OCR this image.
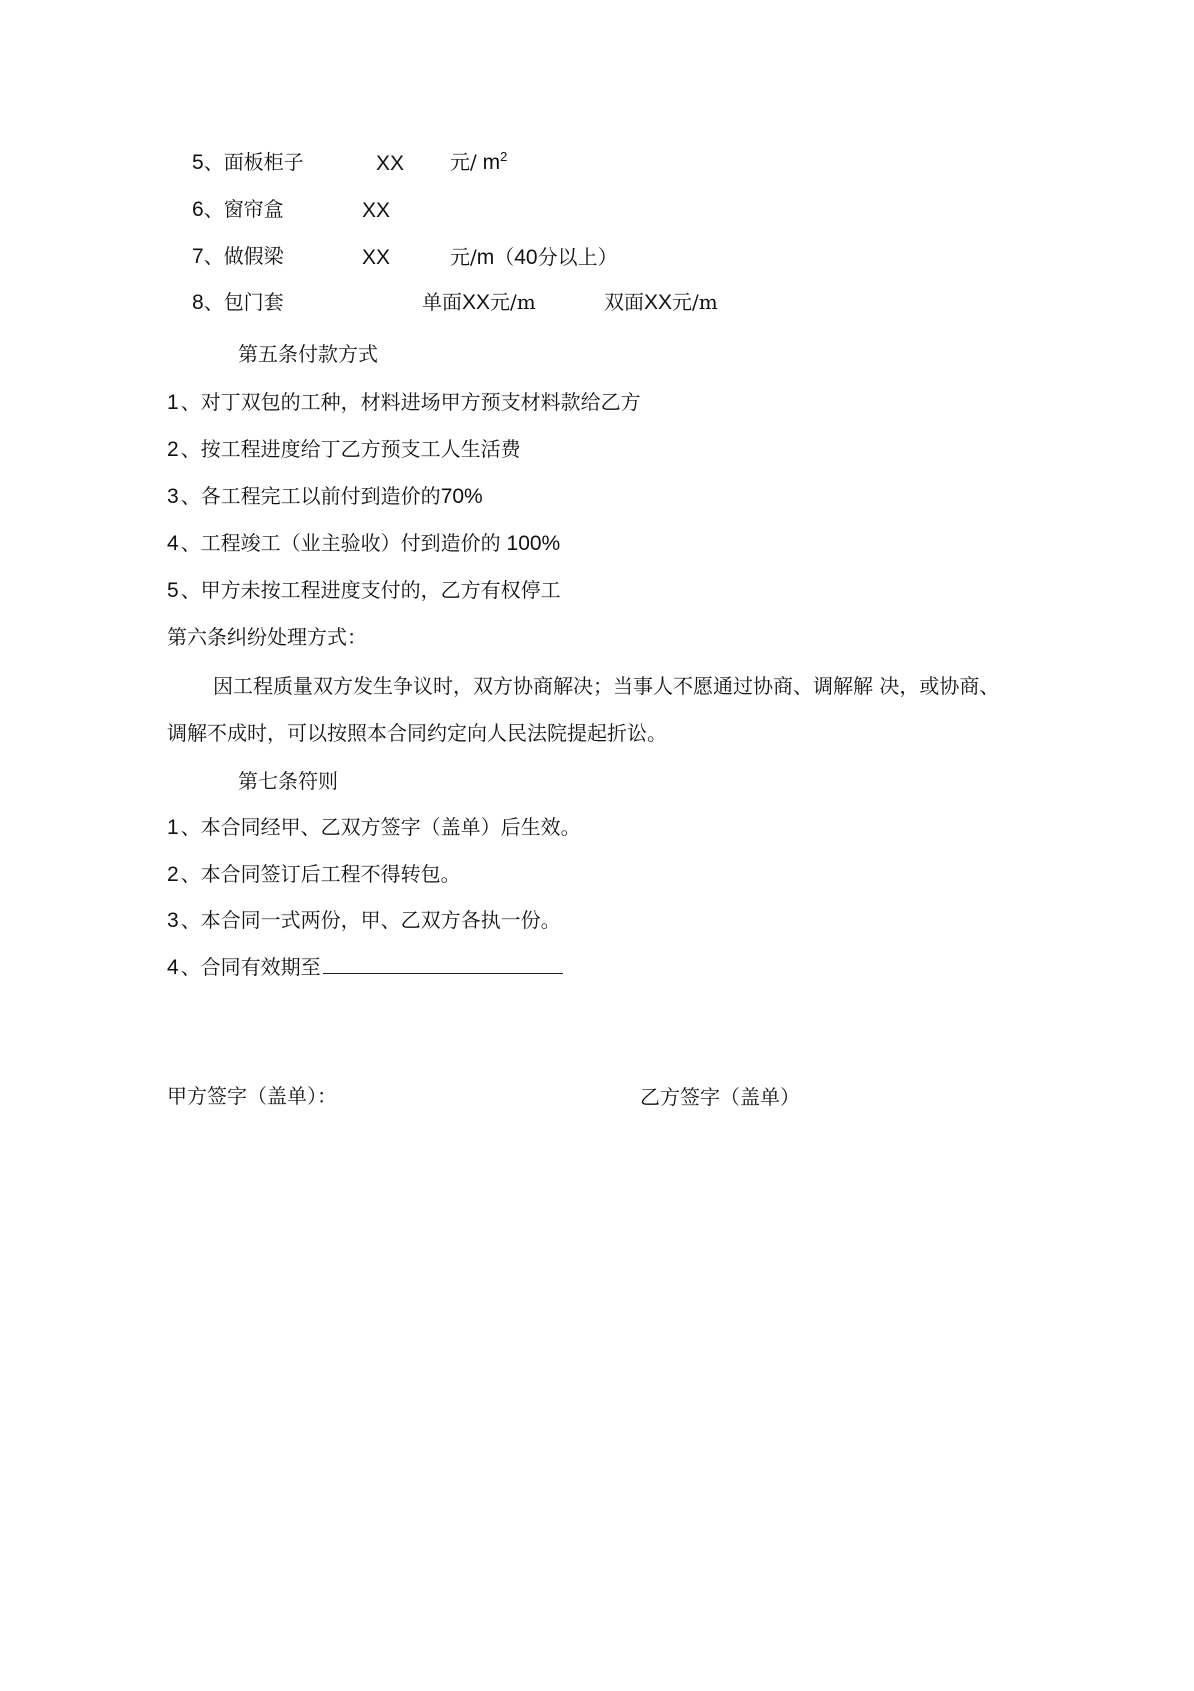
5、面板柜子	XX 元/ $m^2$
6、窗帘盒	XX
7、做假梁	XX	元/m（40分以上）
8、包门套	单面XX元/m	双面XX元/m
第五条付款方式
1 、对丁双包的工种，材料进场甲方预支材料款给乙方
2 、按工程进度给丁乙方预支工人生活费
3 、各工程完工以前付到造价的70%
4 、工程竣工（业主验收）付到造价的 100%
5 、甲方未按工程进度支付的，乙方有权停工
第六条纠纷处理方式：
因工程质量双方发生争议时，双方协商解决；当事人不愿通过协商、调解解 决，或协商、
调解不成时，可以按照本合同约定向人民法院提起折讼。
第七条符则
1 、本合同经甲、乙双方签字（盖单）后生效。
2 、本合同签订后工程不得转包。
3 、本合同一式两份，甲、乙双方各执一份。
4 、合同有效期至
甲方签字（盖单）：	乙方签字（盖单）
